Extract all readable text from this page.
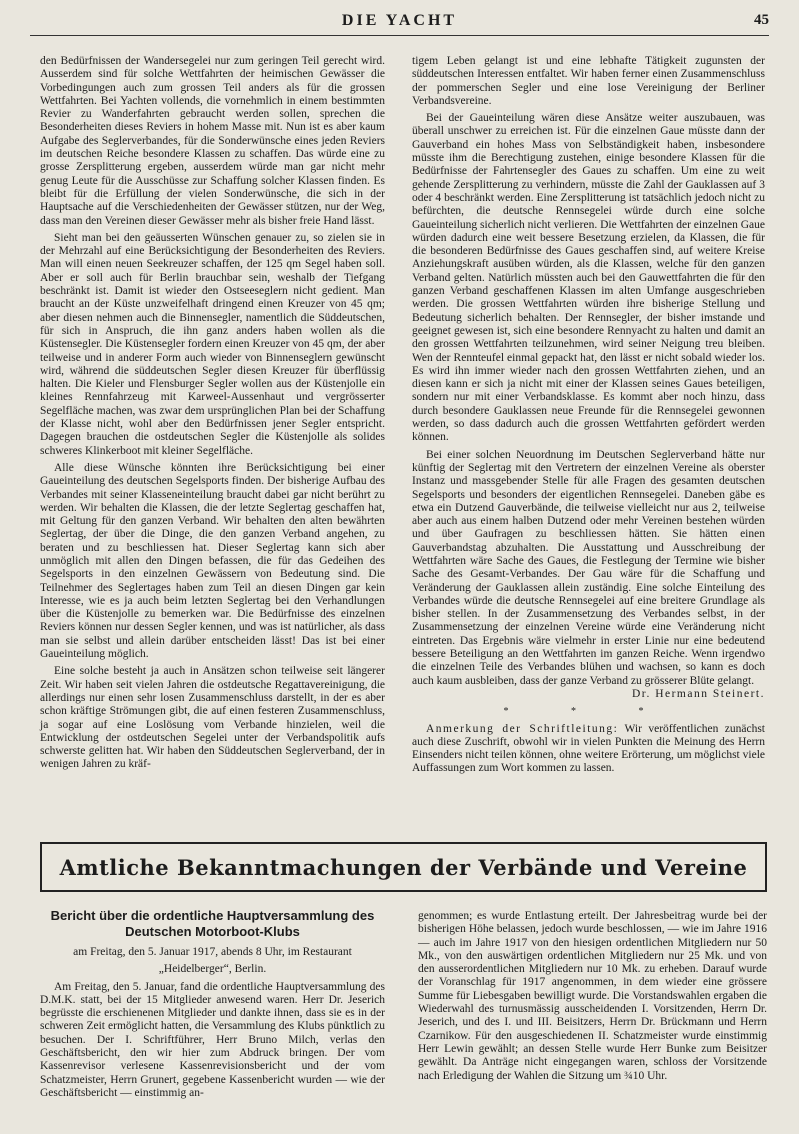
DIE YACHT	45

den Bedürfnissen der Wandersegelei nur zum geringen Teil gerecht wird. Ausserdem sind für solche Wettfahrten der heimischen Gewässer die Vorbedingungen auch zum grossen Teil anders als für die grossen Wettfahrten. Bei Yachten vollends, die vornehmlich in einem bestimmten Revier zu Wanderfahrten gebraucht werden sollen, sprechen die Besonderheiten dieses Reviers in hohem Masse mit. Nun ist es aber kaum Aufgabe des Seglerverbandes, für die Sonderwünsche eines jeden Reviers im deutschen Reiche besondere Klassen zu schaffen. Das würde eine zu grosse Zersplitterung ergeben, ausserdem würde man gar nicht mehr genug Leute für die Ausschüsse zur Schaffung solcher Klassen finden. Es bleibt für die Erfüllung der vielen Sonderwünsche, die sich in der Hauptsache auf die Verschiedenheiten der Gewässer stützen, nur der Weg, dass man den Vereinen dieser Gewässer mehr als bisher freie Hand lässt.

Sieht man bei den geäusserten Wünschen genauer zu, so zielen sie in der Mehrzahl auf eine Berücksichtigung der Besonderheiten des Reviers. Man will einen neuen Seekreuzer schaffen, der 125 qm Segel haben soll. Aber er soll auch für Berlin brauchbar sein, weshalb der Tiefgang beschränkt ist. Damit ist wieder den Ostseeseglern nicht gedient. Man braucht an der Küste unzweifelhaft dringend einen Kreuzer von 45 qm; aber diesen nehmen auch die Binnensegler, namentlich die Süddeutschen, für sich in Anspruch, die ihn ganz anders haben wollen als die Küstensegler. Die Küstensegler fordern einen Kreuzer von 45 qm, der aber teilweise und in anderer Form auch wieder von Binnenseglern gewünscht wird, während die süddeutschen Segler diesen Kreuzer für überflüssig halten. Die Kieler und Flensburger Segler wollen aus der Küstenjolle ein kleines Rennfahrzeug mit Karweel-Aussenhaut und vergrösserter Segelfläche machen, was zwar dem ursprünglichen Plan bei der Schaffung der Klasse nicht, wohl aber den Bedürfnissen jener Segler entspricht. Dagegen brauchen die ostdeutschen Segler die Küstenjolle als solides schweres Klinkerboot mit kleiner Segelfläche.

Alle diese Wünsche könnten ihre Berücksichtigung bei einer Gaueinteilung des deutschen Segelsports finden. Der bisherige Aufbau des Verbandes mit seiner Klasseneinteilung braucht dabei gar nicht berührt zu werden. Wir behalten die Klassen, die der letzte Seglertag geschaffen hat, mit Geltung für den ganzen Verband. Wir behalten den alten bewährten Seglertag, der über die Dinge, die den ganzen Verband angehen, zu beraten und zu beschliessen hat. Dieser Seglertag kann sich aber unmöglich mit allen den Dingen befassen, die für das Gedeihen des Segelsports in den einzelnen Gewässern von Bedeutung sind. Die Teilnehmer des Seglertages haben zum Teil an diesen Dingen gar kein Interesse, wie es ja auch beim letzten Seglertag bei den Verhandlungen über die Küstenjolle zu bemerken war. Die Bedürfnisse des einzelnen Reviers können nur dessen Segler kennen, und was ist natürlicher, als dass man sie selbst und allein darüber entscheiden lässt! Das ist bei einer Gaueinteilung möglich.

Eine solche besteht ja auch in Ansätzen schon teilweise seit längerer Zeit. Wir haben seit vielen Jahren die ostdeutsche Regattavereinigung, die allerdings nur einen sehr losen Zusammenschluss darstellt, in der es aber schon kräftige Strömungen gibt, die auf einen festeren Zusammenschluss, ja sogar auf eine Loslösung vom Verbande hinzielen, weil die Entwicklung der ostdeutschen Segelei unter der Verbandspolitik aufs schwerste gelitten hat. Wir haben den Süddeutschen Seglerverband, der in wenigen Jahren zu kräf-

tigem Leben gelangt ist und eine lebhafte Tätigkeit zugunsten der süddeutschen Interessen entfaltet. Wir haben ferner einen Zusammenschluss der pommerschen Segler und eine lose Vereinigung der Berliner Verbandsvereine.

Bei der Gaueinteilung wären diese Ansätze weiter auszubauen, was überall unschwer zu erreichen ist. Für die einzelnen Gaue müsste dann der Gauverband ein hohes Mass von Selbständigkeit haben, insbesondere müsste ihm die Berechtigung zustehen, einige besondere Klassen für die Bedürfnisse der Fahrtensegler des Gaues zu schaffen. Um eine zu weit gehende Zersplitterung zu verhindern, müsste die Zahl der Gauklassen auf 3 oder 4 beschränkt werden. Eine Zersplitterung ist tatsächlich jedoch nicht zu befürchten, die deutsche Rennsegelei würde durch eine solche Gaueinteilung sicherlich nicht verlieren. Die Wettfahrten der einzelnen Gaue würden dadurch eine weit bessere Besetzung erzielen, da Klassen, die für die besonderen Bedürfnisse des Gaues geschaffen sind, auf weitere Kreise Anziehungskraft ausüben würden, als die Klassen, welche für den ganzen Verband gelten. Natürlich müssten auch bei den Gauwettfahrten die für den ganzen Verband geschaffenen Klassen im alten Umfange ausgeschrieben werden. Die grossen Wettfahrten würden ihre bisherige Stellung und Bedeutung sicherlich behalten. Der Rennsegler, der bisher imstande und geeignet gewesen ist, sich eine besondere Rennyacht zu halten und damit an den grossen Wettfahrten teilzunehmen, wird seiner Neigung treu bleiben. Wen der Rennteufel einmal gepackt hat, den lässt er nicht sobald wieder los. Es wird ihn immer wieder nach den grossen Wettfahrten ziehen, und an diesen kann er sich ja nicht mit einer der Klassen seines Gaues beteiligen, sondern nur mit einer Verbandsklasse. Es kommt aber noch hinzu, dass durch besondere Gauklassen neue Freunde für die Rennsegelei gewonnen werden, so dass dadurch auch die grossen Wettfahrten gefördert werden können.

Bei einer solchen Neuordnung im Deutschen Seglerverband hätte nur künftig der Seglertag mit den Vertretern der einzelnen Vereine als oberster Instanz und massgebender Stelle für alle Fragen des gesamten deutschen Segelsports und besonders der eigentlichen Rennsegelei. Daneben gäbe es etwa ein Dutzend Gauverbände, die teilweise vielleicht nur aus 2, teilweise aber auch aus einem halben Dutzend oder mehr Vereinen bestehen würden und über Gaufragen zu beschliessen hätten. Sie hätten einen Gauverbandstag abzuhalten. Die Ausstattung und Ausschreibung der Wettfahrten wäre Sache des Gaues, die Festlegung der Termine wie bisher Sache des Gesamt-Verbandes. Der Gau wäre für die Schaffung und Veränderung der Gauklassen allein zuständig. Eine solche Einteilung des Verbandes würde die deutsche Rennsegelei auf eine breitere Grundlage als bisher stellen. In der Zusammensetzung des Verbandes selbst, in der Zusammensetzung der einzelnen Vereine würde eine Veränderung nicht eintreten. Das Ergebnis wäre vielmehr in erster Linie nur eine bedeutend bessere Beteiligung an den Wettfahrten im ganzen Reiche. Wenn irgendwo die einzelnen Teile des Verbandes blühen und wachsen, so kann es doch auch kaum ausbleiben, dass der ganze Verband zu grösserer Blüte gelangt.

Dr. Hermann Steinert.

* * *

Anmerkung der Schriftleitung: Wir veröffentlichen zunächst auch diese Zuschrift, obwohl wir in vielen Punkten die Meinung des Herrn Einsenders nicht teilen können, ohne weitere Erörterung, um möglichst viele Auffassungen zum Wort kommen zu lassen.

Amtliche Bekanntmachungen der Verbände und Vereine
Bericht über die ordentliche Hauptversammlung des
Deutschen Motorboot-Klubs
am Freitag, den 5. Januar 1917, abends 8 Uhr, im Restaurant
„Heidelberger“, Berlin.

Am Freitag, den 5. Januar, fand die ordentliche Hauptversammlung des D.M.K. statt, bei der 15 Mitglieder anwesend waren. Herr Dr. Jeserich begrüsste die erschienenen Mitglieder und dankte ihnen, dass sie es in der schweren Zeit ermöglicht hatten, die Versammlung des Klubs pünktlich zu besuchen. Der I. Schriftführer, Herr Bruno Milch, verlas den Geschäftsbericht, den wir hier zum Abdruck bringen. Der vom Kassenrevisor verlesene Kassenrevisionsbericht und der vom Schatzmeister, Herrn Grunert, gegebene Kassenbericht wurden — wie der Geschäftsbericht — einstimmig an-

genommen; es wurde Entlastung erteilt. Der Jahresbeitrag wurde bei der bisherigen Höhe belassen, jedoch wurde beschlossen, — wie im Jahre 1916 — auch im Jahre 1917 von den hiesigen ordentlichen Mitgliedern nur 50 Mk., von den auswärtigen ordentlichen Mitgliedern nur 25 Mk. und von den ausserordentlichen Mitgliedern nur 10 Mk. zu erheben. Darauf wurde der Voranschlag für 1917 angenommen, in dem wieder eine grössere Summe für Liebesgaben bewilligt wurde. Die Vorstandswahlen ergaben die Wiederwahl des turnusmässig ausscheidenden I. Vorsitzenden, Herrn Dr. Jeserich, und des I. und III. Beisitzers, Herrn Dr. Brückmann und Herrn Czarnikow. Für den ausgeschiedenen II. Schatzmeister wurde einstimmig Herr Lewin gewählt; an dessen Stelle wurde Herr Bunke zum Beisitzer gewählt. Da Anträge nicht eingegangen waren, schloss der Vorsitzende nach Erledigung der Wahlen die Sitzung um ¾10 Uhr.
